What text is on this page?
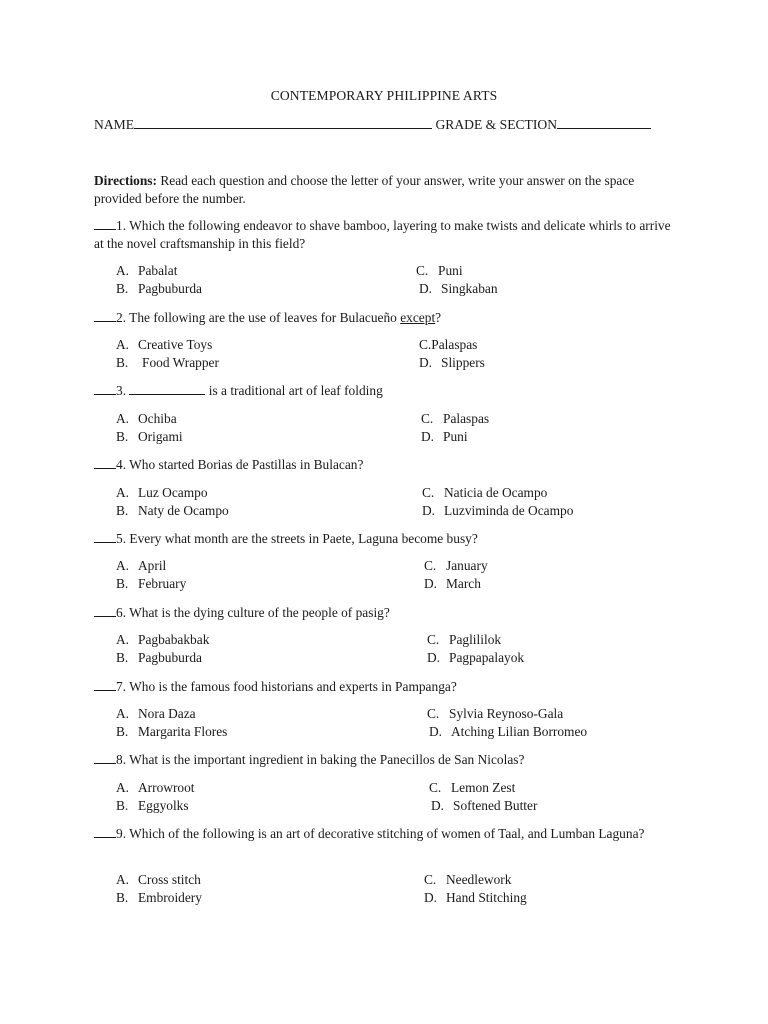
CONTEMPORARY PHILIPPINE ARTS
NAME	GRADE & SECTION
Directions: Read each question and choose the letter of your answer, write your answer on the space provided before the number.
1. Which the following endeavor to shave bamboo, layering to make twists and delicate whirls to arrive at the novel craftsmanship in this field?
A. Pabalat
B. Pagbuburda
C. Puni
D. Singkaban
2. The following are the use of leaves for Bulacueño except?
A. Creative Toys
B. Food Wrapper
C.Palaspas
D. Slippers
3.	is a traditional art of leaf folding
A. Ochiba
B. Origami
C. Palaspas
D. Puni
4. Who started Borias de Pastillas in Bulacan?
A. Luz Ocampo
B. Naty de Ocampo
C. Naticia de Ocampo
D. Luzviminda de Ocampo
5. Every what month are the streets in Paete, Laguna become busy?
A. April
B. February
C. January
D. March
6. What is the dying culture of the people of pasig?
A. Pagbabakbak
B. Pagbuburda
C. Paglililok
D. Pagpapalayok
7. Who is the famous food historians and experts in Pampanga?
A. Nora Daza
B. Margarita Flores
C. Sylvia Reynoso-Gala
D. Atching Lilian Borromeo
8. What is the important ingredient in baking the Panecillos de San Nicolas?
A. Arrowroot
B. Eggyolks
C. Lemon Zest
D. Softened Butter
9. Which of the following is an art of decorative stitching of women of Taal, and Lumban Laguna?
A. Cross stitch
B. Embroidery
C. Needlework
D. Hand Stitching
